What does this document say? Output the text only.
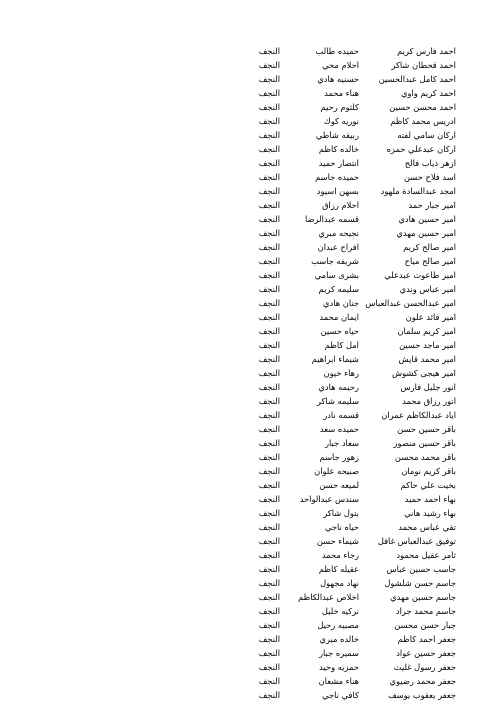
احمد فارس كريم
حميده طالب
النجف
احمد قحطان شاكر
احلام محي
النجف
احمد كامل عبدالحسين
حسنيه هادي
النجف
احمد كريم واوي
هناء محمد
النجف
احمد محسن حسين
كلثوم رحيم
النجف
ادريس محمد كاظم
نوريه كوك
النجف
اركان سامي لفته
ربيقه شاطي
النجف
اركان عبدعلي حمزه
خالده كاظم
النجف
ازهر ذياب فالح
انتصار حميد
النجف
اسد فلاح حسن
حميده جاسم
النجف
امجد عبدالسادة ملهود
بسهن اسيود
النجف
امير جبار حمد
احلام رزاق
النجف
امير حسين هادي
قسمه عبدالرضا
النجف
امير حسين مهدي
نجيحه مبري
النجف
امير صالح كريم
افراح عبدان
النجف
امير صالح مياح
شريفه جاسب
النجف
امير طاعوت عبدعلي
بشرى سامي
النجف
امير عباس وندي
سليمه كريم
النجف
امير عبدالحسن عبدالعباس
جنان هادي
النجف
امير فائد علون
ايمان محمد
النجف
امير كريم سلمان
حياه حسين
النجف
امير ماجد حسين
امل كاظم
النجف
امير محمد قايش
شيماء ابراهيم
النجف
امير هيجى كشوش
رهاء خيون
النجف
انور جليل فارس
رحيمه هادي
النجف
انور رزاق محمد
سليمه شاكر
النجف
اياد عبدالكاظم عمران
قسمه نادر
النجف
باقر حسين حسن
حميده سعد
النجف
باقر حسين منصور
سعاد جبار
النجف
باقر محمد محسن
زهور جاسم
النجف
باقر كريم نومان
صبيحه علوان
النجف
بخيت علي حاكم
لميعه حسن
النجف
بهاء احمد حميد
سندس عبدالواحد
النجف
بهاء رشيد هاني
بتول شاكر
النجف
تقي عباس محمد
حياه ناجي
النجف
توفيق عبدالعباس غافل
شيماء حسن
النجف
ثامر عقيل محمود
رجاء محمد
النجف
جاسب حسين عباس
عقيله كاظم
النجف
جاسم حسن شلشول
نهاد مجهول
النجف
جاسم حسين مهدي
اخلاص عبدالكاظم
النجف
جاسم محمد جراد
نركيه خليل
النجف
جبار حسن محسن
مصبيه رحيل
النجف
جعفر احمد كاظم
خالده مبري
النجف
جعفر حسين عواد
سميره جبار
النجف
جعفر رسول غليث
حمزيه وحيد
النجف
جعفر محمد رضيوي
هناء مشعان
النجف
جعفر يعقوب يوسف
كافي ناجي
النجف
